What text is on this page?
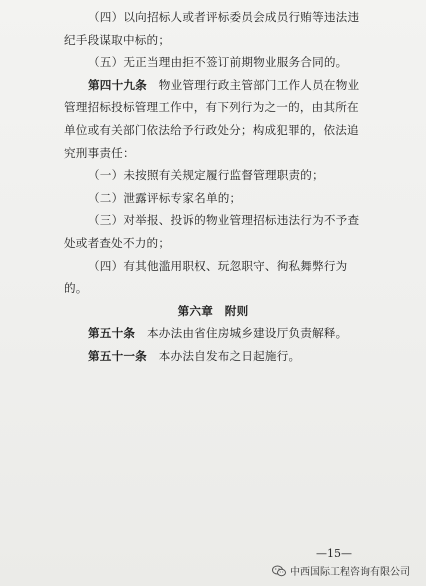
（四）以向招标人或者评标委员会成员行贿等违法违纪手段谋取中标的；

（五）无正当理由拒不签订前期物业服务合同的。

第四十九条　 物业管理行政主管部门工作人员在物业管理招标投标管理工作中，有下列行为之一的，由其所在单位或有关部门依法给予行政处分；构成犯罪的，依法追究刑事责任：

（一）未按照有关规定履行监督管理职责的；

（二）泄露评标专家名单的；

（三）对举报、投诉的物业管理招标违法行为不予查处或者查处不力的；

（四）有其他滥用职权、玩忽职守、徇私舞弊行为的。

第六章　附则

第五十条　 本办法由省住房城乡建设厅负责解释。

第五十一条　 本办法自发布之日起施行。

—15—
中西国际工程咨询有限公司
